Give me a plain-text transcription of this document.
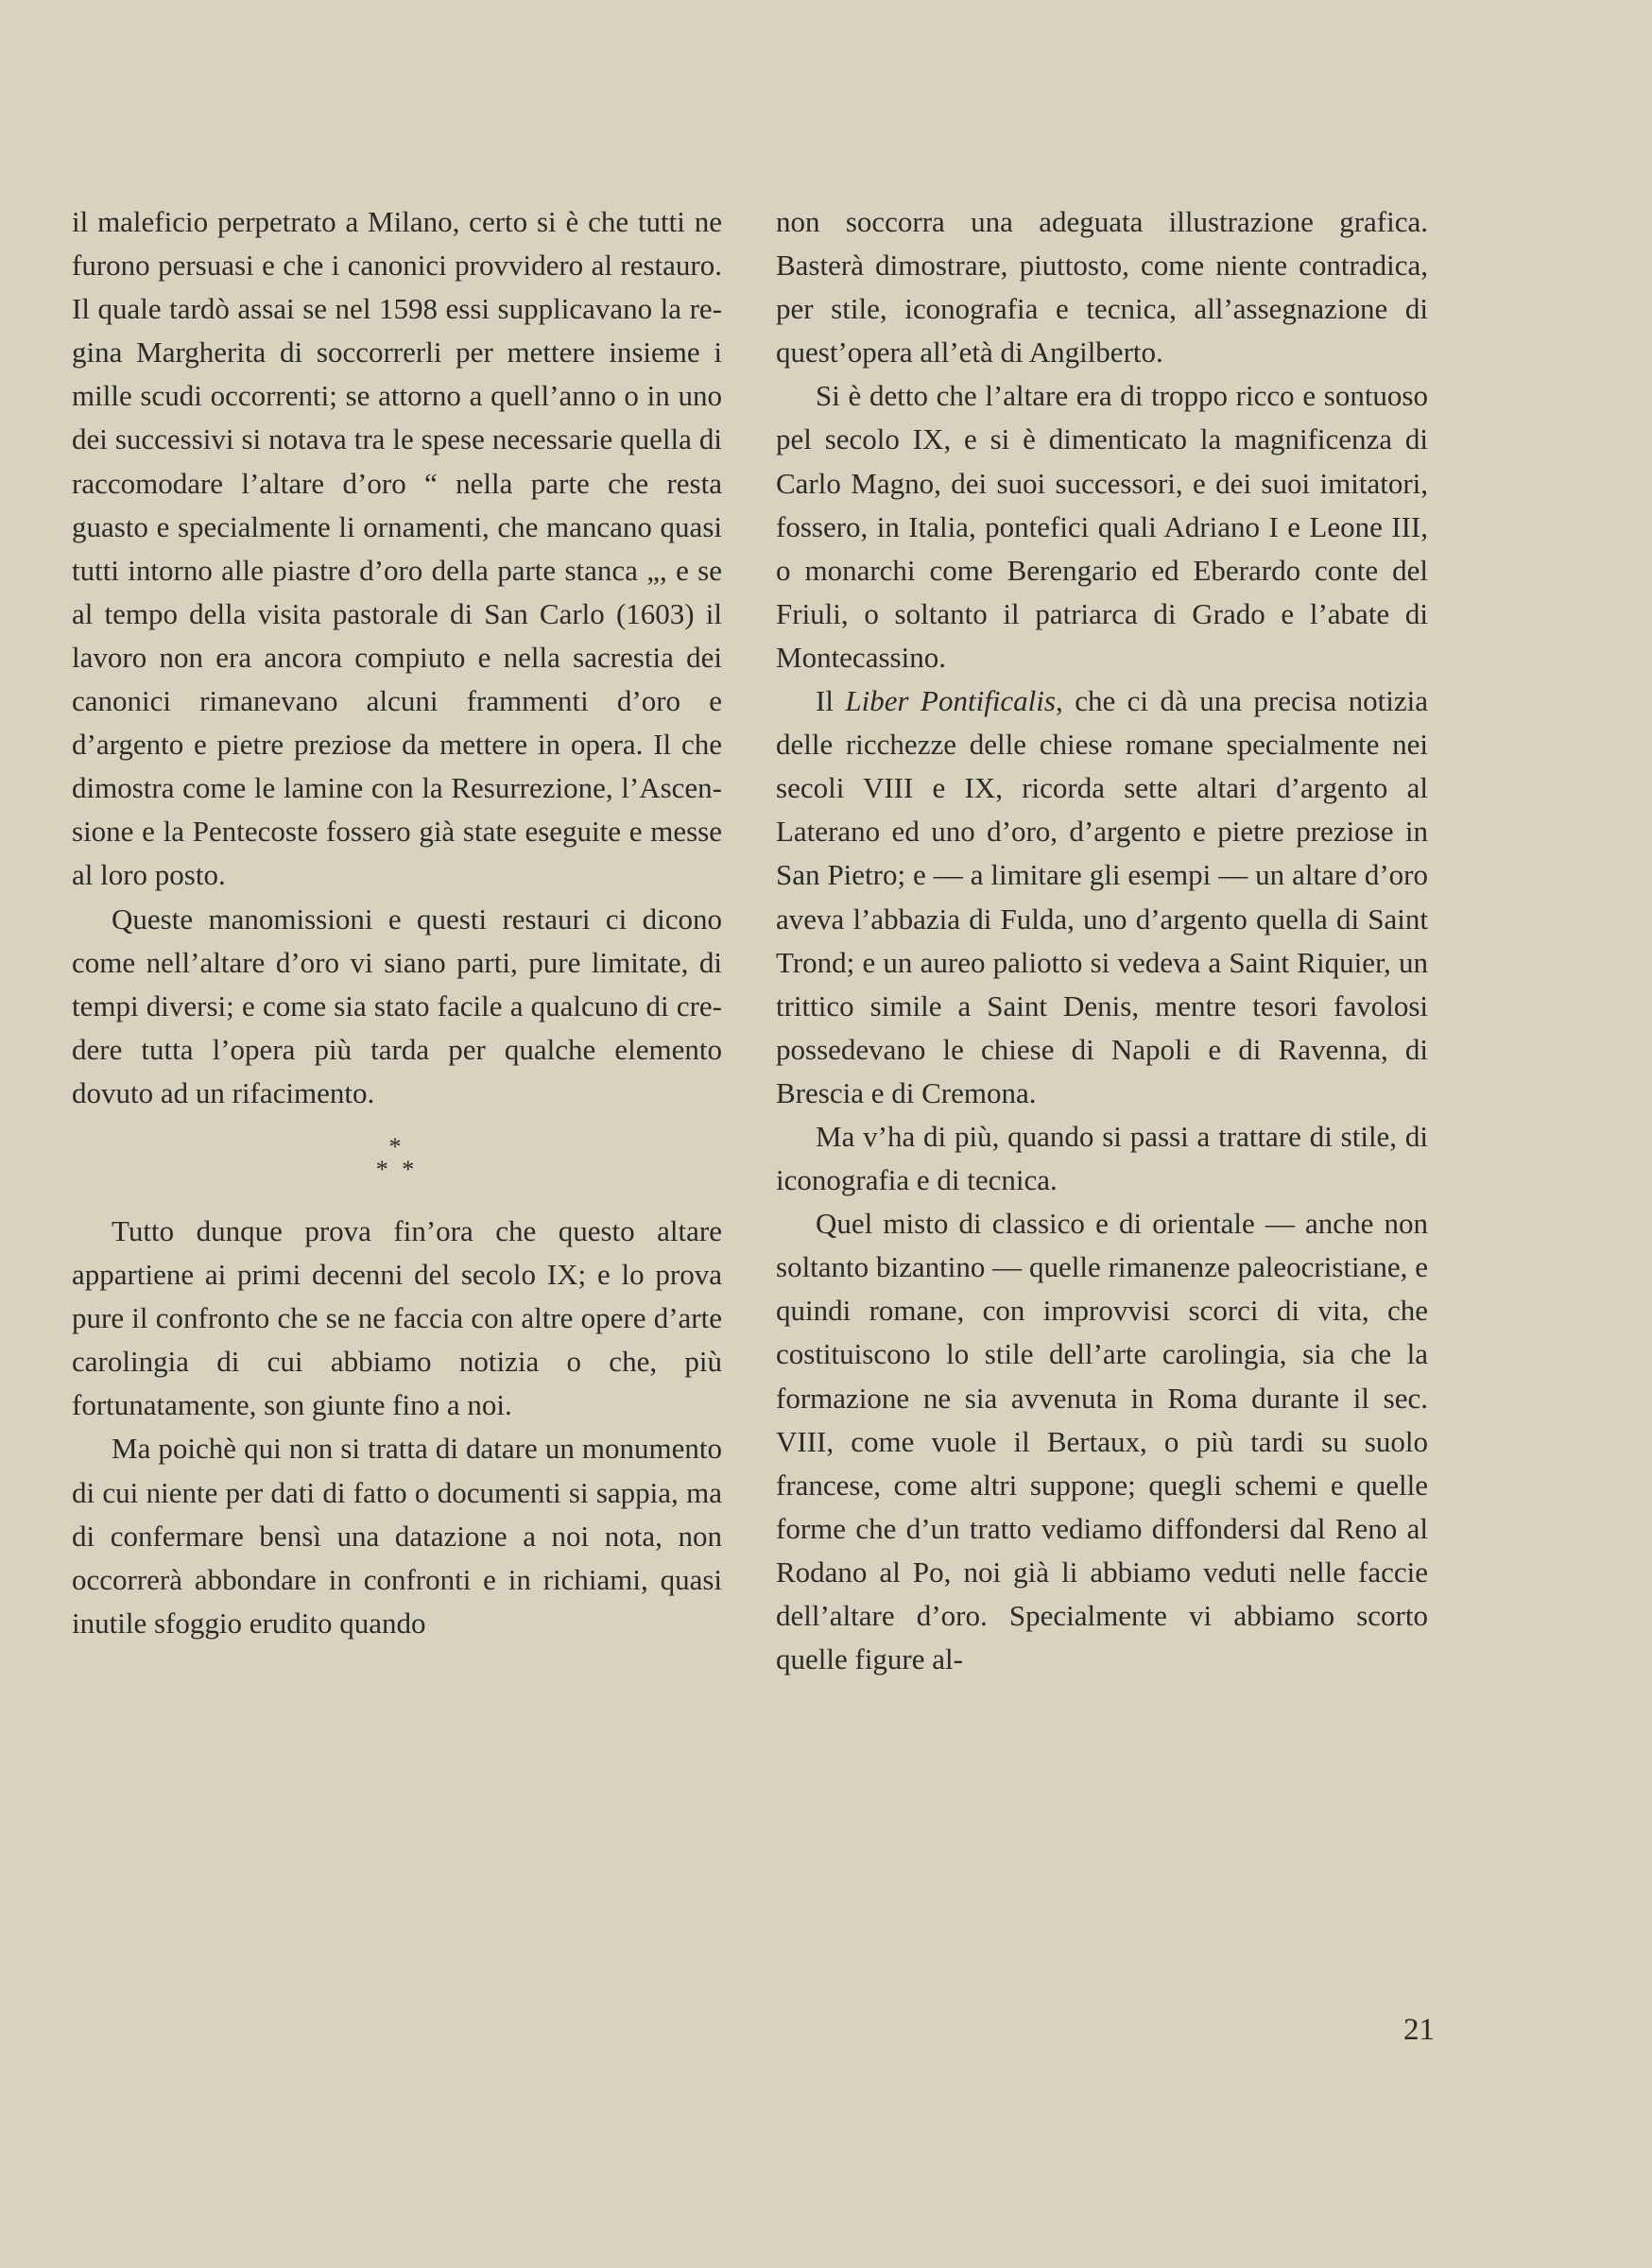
il maleficio perpetrato a Milano, certo si è che tutti ne furono persuasi e che i canonici provvidero al restauro. Il quale tardò assai se nel 1598 essi supplicavano la regina Margherita di soccorrerli per mettere insieme i mille scudi occorrenti; se attorno a quell’anno o in uno dei successivi si notava tra le spese necessarie quella di raccomodare l’altare d’oro “ nella parte che resta guasto e specialmente li ornamenti, che mancano quasi tutti intorno alle piastre d’oro della parte stanca „, e se al tempo della visita pastorale di San Carlo (1603) il lavoro non era ancora compiuto e nella sacrestia dei canonici rimanevano alcuni frammenti d’oro e d’argento e pietre preziose da mettere in opera. Il che dimostra come le lamine con la Resurrezione, l’Ascensione e la Pentecoste fossero già state eseguite e messe al loro posto.

Queste manomissioni e questi restauri ci dicono come nell’altare d’oro vi siano parti, pure limitate, di tempi diversi; e come sia stato facile a qualcuno di credere tutta l’opera più tarda per qualche elemento dovuto ad un rifacimento.

*
* *

Tutto dunque prova fin’ora che questo altare appartiene ai primi decenni del secolo IX; e lo prova pure il confronto che se ne faccia con altre opere d’arte carolingia di cui abbiamo notizia o che, più fortunatamente, son giunte fino a noi.

Ma poichè qui non si tratta di datare un monumento di cui niente per dati di fatto o documenti si sappia, ma di confermare bensì una datazione a noi nota, non occorrerà abbondare in confronti e in richiami, quasi inutile sfoggio erudito quando

non soccorra una adeguata illustrazione grafica. Basterà dimostrare, piuttosto, come niente contradica, per stile, iconografia e tecnica, all’assegnazione di quest’opera all’età di Angilberto.

Si è detto che l’altare era di troppo ricco e sontuoso pel secolo IX, e si è dimenticato la magnificenza di Carlo Magno, dei suoi successori, e dei suoi imitatori, fossero, in Italia, pontefici quali Adriano I e Leone III, o monarchi come Berengario ed Eberardo conte del Friuli, o soltanto il patriarca di Grado e l’abate di Montecassino.

Il Liber Pontificalis, che ci dà una precisa notizia delle ricchezze delle chiese romane specialmente nei secoli VIII e IX, ricorda sette altari d’argento al Laterano ed uno d’oro, d’argento e pietre preziose in San Pietro; e — a limitare gli esempi — un altare d’oro aveva l’abbazia di Fulda, uno d’argento quella di Saint Trond; e un aureo paliotto si vedeva a Saint Riquier, un trittico simile a Saint Denis, mentre tesori favolosi possedevano le chiese di Napoli e di Ravenna, di Brescia e di Cremona.

Ma v’ha di più, quando si passi a trattare di stile, di iconografia e di tecnica.

Quel misto di classico e di orientale — anche non soltanto bizantino — quelle rimanenze paleocristiane, e quindi romane, con improvvisi scorci di vita, che costituiscono lo stile dell’arte carolingia, sia che la formazione ne sia avvenuta in Roma durante il sec. VIII, come vuole il Bertaux, o più tardi su suolo francese, come altri suppone; quegli schemi e quelle forme che d’un tratto vediamo diffondersi dal Reno al Rodano al Po, noi già li abbiamo veduti nelle faccie dell’altare d’oro. Specialmente vi abbiamo scorto quelle figure al-

21
